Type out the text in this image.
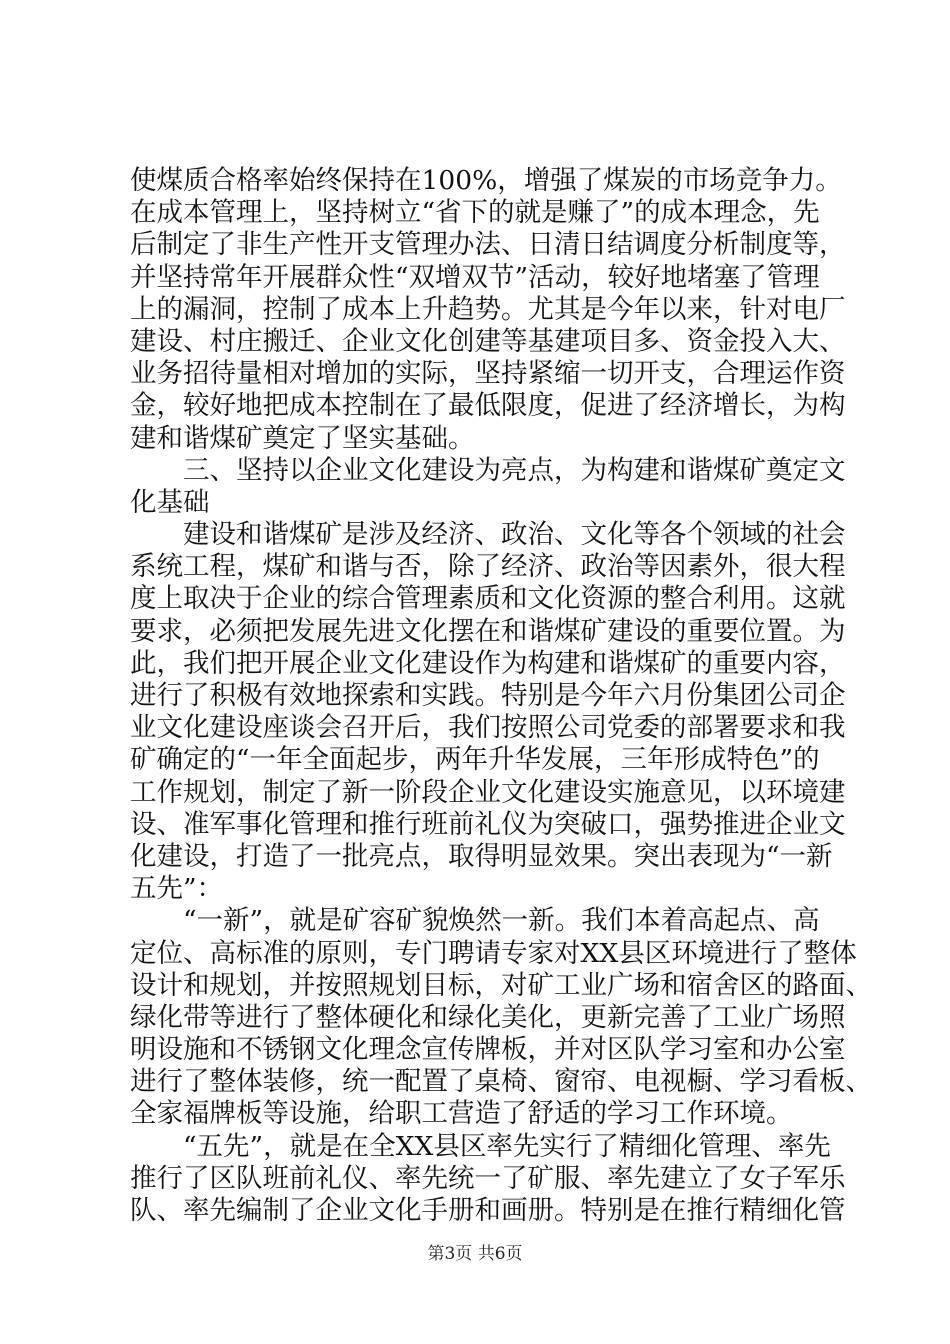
使煤质合格率始终保持在100%，增强了煤炭的市场竞争力。
在成本管理上，坚持树立“省下的就是赚了”的成本理念，先
后制定了非生产性开支管理办法、日清日结调度分析制度等，
并坚持常年开展群众性“双增双节”活动，较好地堵塞了管理
上的漏洞，控制了成本上升趋势。尤其是今年以来，针对电厂
建设、村庄搬迁、企业文化创建等基建项目多、资金投入大、
业务招待量相对增加的实际，坚持紧缩一切开支，合理运作资
金，较好地把成本控制在了最低限度，促进了经济增长，为构
建和谐煤矿奠定了坚实基础。
　　三、坚持以企业文化建设为亮点，为构建和谐煤矿奠定文
化基础
　　建设和谐煤矿是涉及经济、政治、文化等各个领域的社会
系统工程，煤矿和谐与否，除了经济、政治等因素外，很大程
度上取决于企业的综合管理素质和文化资源的整合利用。这就
要求，必须把发展先进文化摆在和谐煤矿建设的重要位置。为
此，我们把开展企业文化建设作为构建和谐煤矿的重要内容，
进行了积极有效地探索和实践。特别是今年六月份集团公司企
业文化建设座谈会召开后，我们按照公司党委的部署要求和我
矿确定的“一年全面起步，两年升华发展，三年形成特色”的
工作规划，制定了新一阶段企业文化建设实施意见，以环境建
设、准军事化管理和推行班前礼仪为突破口，强势推进企业文
化建设，打造了一批亮点，取得明显效果。突出表现为“一新
五先”：
　　“一新”，就是矿容矿貌焕然一新。我们本着高起点、高
定位、高标准的原则，专门聘请专家对XX县区环境进行了整体
设计和规划，并按照规划目标，对矿工业广场和宿舍区的路面、
绿化带等进行了整体硬化和绿化美化，更新完善了工业广场照
明设施和不锈钢文化理念宣传牌板，并对区队学习室和办公室
进行了整体装修，统一配置了桌椅、窗帘、电视橱、学习看板、
全家福牌板等设施，给职工营造了舒适的学习工作环境。
　　“五先”，就是在全XX县区率先实行了精细化管理、率先
推行了区队班前礼仪、率先统一了矿服、率先建立了女子军乐
队、率先编制了企业文化手册和画册。特别是在推行精细化管
第3页 共6页
